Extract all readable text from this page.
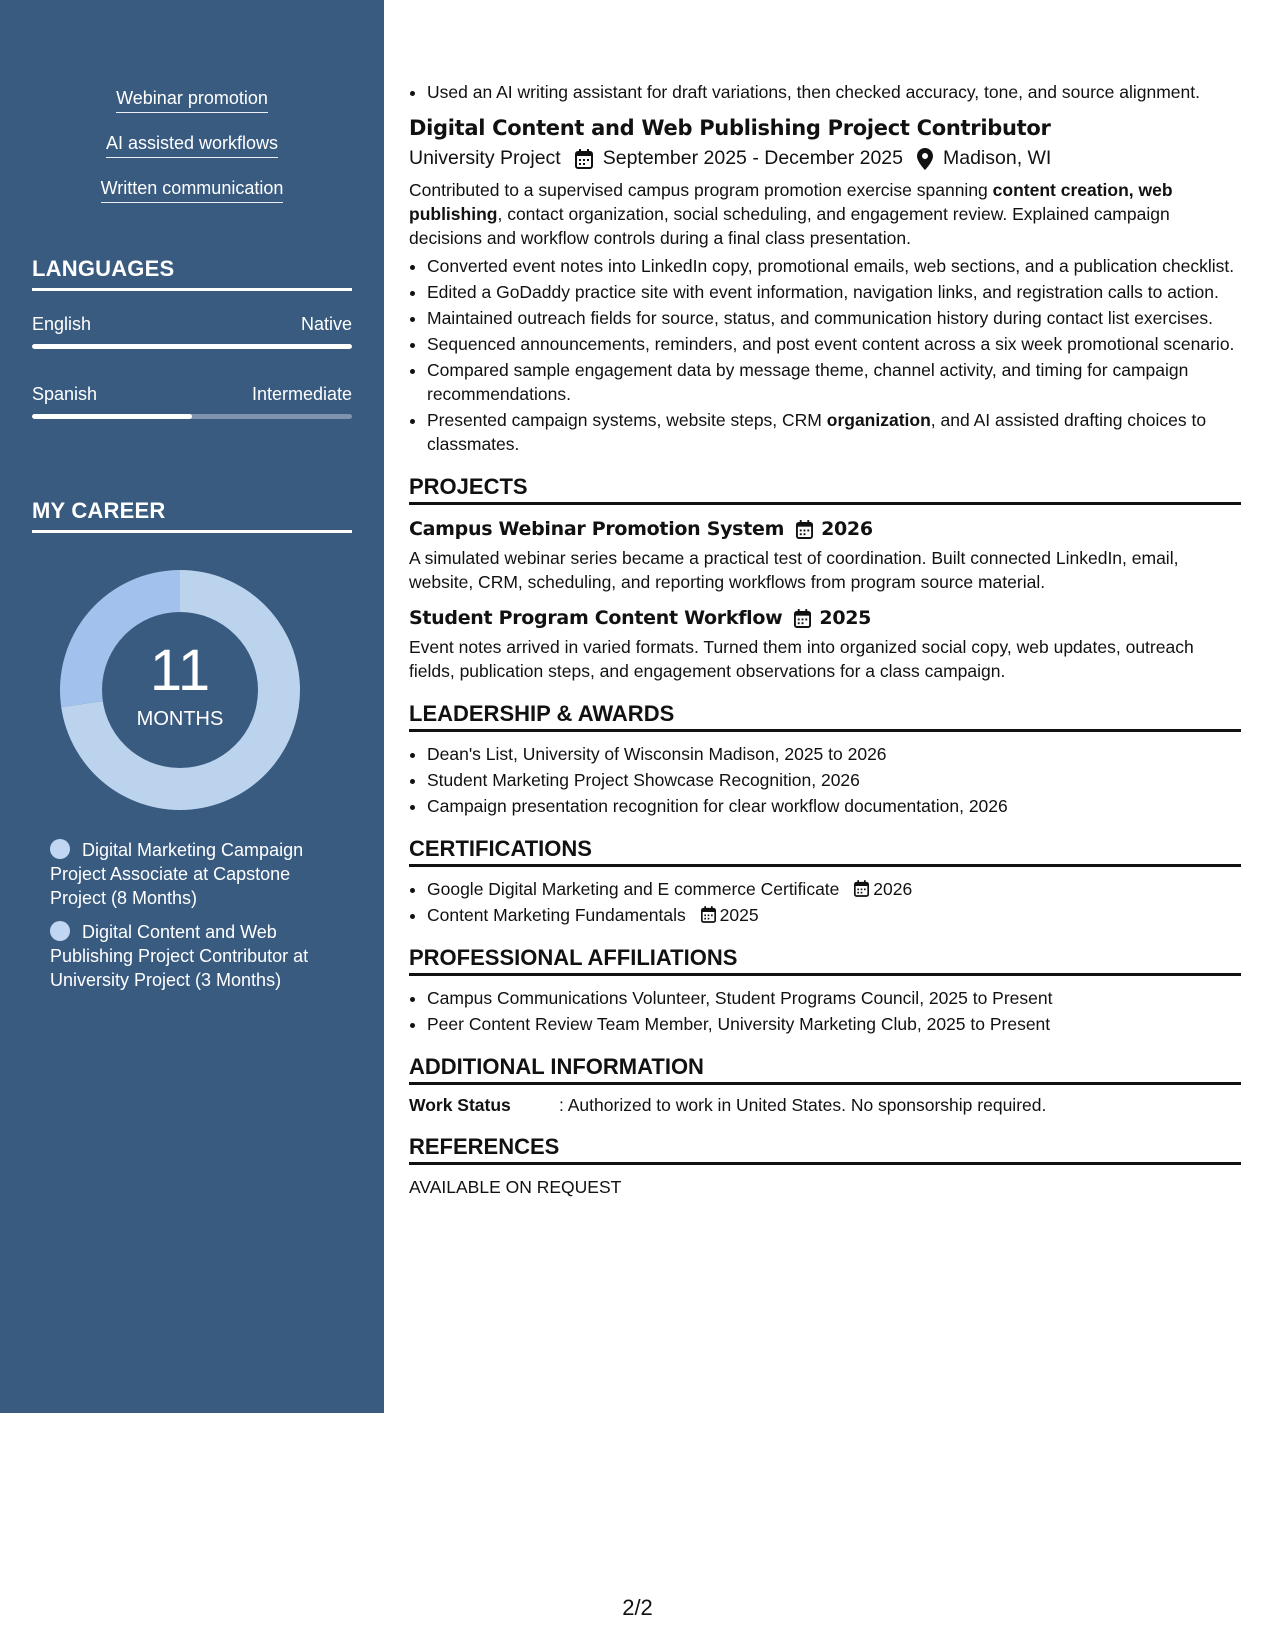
Webinar promotion
AI assisted workflows
Written communication
LANGUAGES
English	Native
Spanish	Intermediate
MY CAREER
11
MONTHS
Digital Marketing Campaign Project Associate at Capstone Project (8 Months)
Digital Content and Web Publishing Project Contributor at University Project (3 Months)
• Used an AI writing assistant for draft variations, then checked accuracy, tone, and source alignment.
Digital Content and Web Publishing Project Contributor
University Project September 2025 - December 2025 Madison, WI
Contributed to a supervised campus program promotion exercise spanning content creation, web publishing, contact organization, social scheduling, and engagement review. Explained campaign decisions and workflow controls during a final class presentation.
• Converted event notes into LinkedIn copy, promotional emails, web sections, and a publication checklist.
• Edited a GoDaddy practice site with event information, navigation links, and registration calls to action.
• Maintained outreach fields for source, status, and communication history during contact list exercises.
• Sequenced announcements, reminders, and post event content across a six week promotional scenario.
• Compared sample engagement data by message theme, channel activity, and timing for campaign recommendations.
• Presented campaign systems, website steps, CRM organization, and AI assisted drafting choices to classmates.
PROJECTS
Campus Webinar Promotion System 2026
A simulated webinar series became a practical test of coordination. Built connected LinkedIn, email, website, CRM, scheduling, and reporting workflows from program source material.
Student Program Content Workflow 2025
Event notes arrived in varied formats. Turned them into organized social copy, web updates, outreach fields, publication steps, and engagement observations for a class campaign.
LEADERSHIP & AWARDS
• Dean's List, University of Wisconsin Madison, 2025 to 2026
• Student Marketing Project Showcase Recognition, 2026
• Campaign presentation recognition for clear workflow documentation, 2026
CERTIFICATIONS
• Google Digital Marketing and E commerce Certificate 2026
• Content Marketing Fundamentals 2025
PROFESSIONAL AFFILIATIONS
• Campus Communications Volunteer, Student Programs Council, 2025 to Present
• Peer Content Review Team Member, University Marketing Club, 2025 to Present
ADDITIONAL INFORMATION
Work Status	: Authorized to work in United States. No sponsorship required.
REFERENCES
AVAILABLE ON REQUEST
2/2
